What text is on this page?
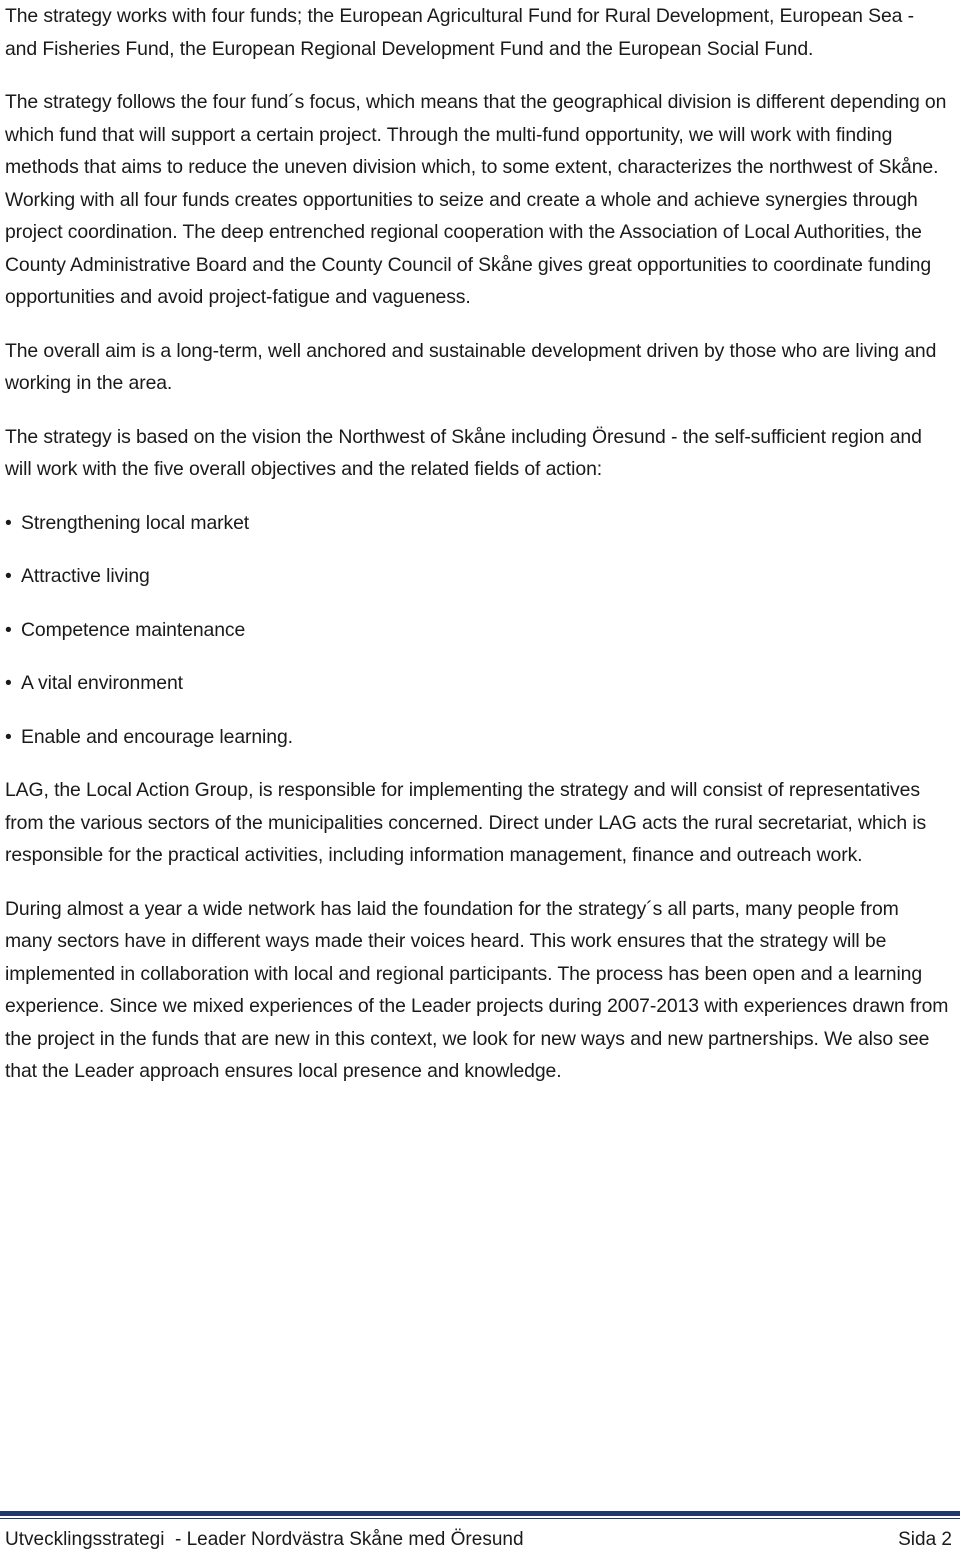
The strategy works with four funds; the European Agricultural Fund for Rural Development, European Sea - and Fisheries Fund, the European Regional Development Fund and the European Social Fund.

The strategy follows the four fund´s focus, which means that the geographical division is different depending on which fund that will support a certain project. Through the multi-fund opportunity, we will work with finding methods that aims to reduce the uneven division which, to some extent, characterizes the northwest of Skåne. Working with all four funds creates opportunities to seize and create a whole and achieve synergies through project coordination. The deep entrenched regional cooperation with the Association of Local Authorities, the County Administrative Board and the County Council of Skåne gives great opportunities to coordinate funding opportunities and avoid project-fatigue and vagueness.

The overall aim is a long-term, well anchored and sustainable development driven by those who are living and working in the area.

The strategy is based on the vision the Northwest of Skåne including Öresund - the self-sufficient region and will work with the five overall objectives and the related fields of action:

• Strengthening local market

• Attractive living

• Competence maintenance

• A vital environment

• Enable and encourage learning.

LAG, the Local Action Group, is responsible for implementing the strategy and will consist of representatives from the various sectors of the municipalities concerned. Direct under LAG acts the rural secretariat, which is responsible for the practical activities, including information management, finance and outreach work.

During almost a year a wide network has laid the foundation for the strategy´s all parts, many people from many sectors have in different ways made their voices heard. This work ensures that the strategy will be implemented in collaboration with local and regional participants. The process has been open and a learning experience. Since we mixed experiences of the Leader projects during 2007-2013 with experiences drawn from the project in the funds that are new in this context, we look for new ways and new partnerships. We also see that the Leader approach ensures local presence and knowledge.

Utvecklingsstrategi  - Leader Nordvästra Skåne med Öresund	Sida 2
